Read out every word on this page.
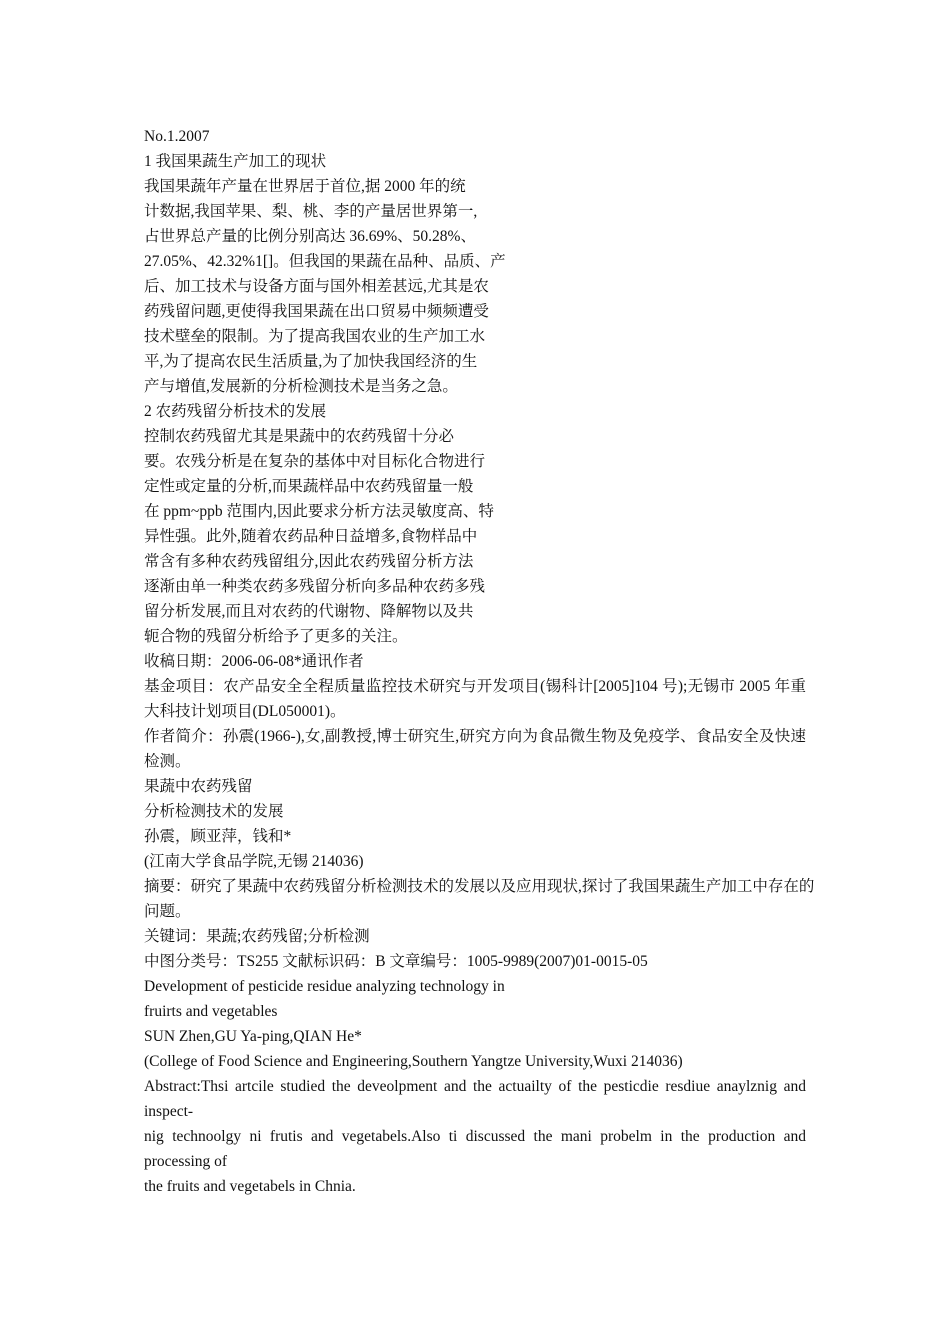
No.1.2007
1 我国果蔬生产加工的现状
我国果蔬年产量在世界居于首位,据 2000 年的统
计数据,我国苹果、梨、桃、李的产量居世界第一,
占世界总产量的比例分别高达 36.69%、50.28%、
27.05%、42.32%1[]。但我国的果蔬在品种、品质、产
后、加工技术与设备方面与国外相差甚远,尤其是农
药残留问题,更使得我国果蔬在出口贸易中频频遭受
技术壁垒的限制。为了提高我国农业的生产加工水
平,为了提高农民生活质量,为了加快我国经济的生
产与增值,发展新的分析检测技术是当务之急。
2 农药残留分析技术的发展
控制农药残留尤其是果蔬中的农药残留十分必
要。农残分析是在复杂的基体中对目标化合物进行
定性或定量的分析,而果蔬样品中农药残留量一般
在 ppm~ppb 范围内,因此要求分析方法灵敏度高、特
异性强。此外,随着农药品种日益增多,食物样品中
常含有多种农药残留组分,因此农药残留分析方法
逐渐由单一种类农药多残留分析向多品种农药多残
留分析发展,而且对农药的代谢物、降解物以及共
轭合物的残留分析给予了更多的关注。
收稿日期：2006-06-08*通讯作者
基金项目：农产品安全全程质量监控技术研究与开发项目(锡科计[2005]104 号);无锡市 2005 年重大科技计划项目(DL050001)。
作者简介：孙震(1966-),女,副教授,博士研究生,研究方向为食品微生物及免疫学、食品安全及快速检测。
果蔬中农药残留
分析检测技术的发展
孙震，顾亚萍，钱和*
(江南大学食品学院,无锡 214036)
摘要：研究了果蔬中农药残留分析检测技术的发展以及应用现状,探讨了我国果蔬生产加工中存在的
问题。
关键词：果蔬;农药残留;分析检测
中图分类号：TS255 文献标识码：B 文章编号：1005-9989(2007)01-0015-05
Development of pesticide residue analyzing technology in
fruirts and vegetables
SUN Zhen,GU Ya-ping,QIAN He*
(College of Food Science and Engineering,Southern Yangtze University,Wuxi 214036)
Abstract:Thsi artcile studied the deveolpment and the actuailty of the pesticdie resdiue anaylznig and inspect-
nig technoolgy ni frutis and vegetabels.Also ti discussed the mani probelm in the production and processing of
the fruits and vegetabels in Chnia.
